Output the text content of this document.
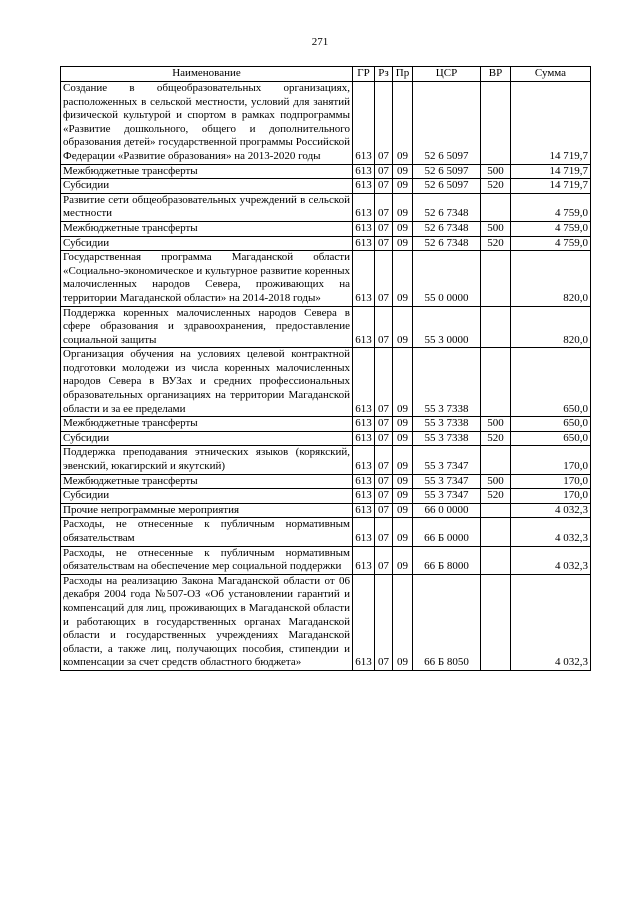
271
Наименование	ГР	Рз	Пр	ЦСР	ВР	Сумма
Создание в общеобразовательных организациях, расположенных в сельской местности, условий для занятий физической культурой и спортом в рамках подпрограммы «Развитие дошкольного, общего и дополнительного образования детей» государственной программы Российской Федерации «Развитие образования» на 2013-2020 годы	613	07	09	52 6 5097		14 719,7
Межбюджетные трансферты	613	07	09	52 6 5097	500	14 719,7
Субсидии	613	07	09	52 6 5097	520	14 719,7
Развитие сети общеобразовательных учреждений в сельской местности	613	07	09	52 6 7348		4 759,0
Межбюджетные трансферты	613	07	09	52 6 7348	500	4 759,0
Субсидии	613	07	09	52 6 7348	520	4 759,0
Государственная программа Магаданской области «Социально-экономическое и культурное развитие коренных малочисленных народов Севера, проживающих на территории Магаданской области» на 2014-2018 годы»	613	07	09	55 0 0000		820,0
Поддержка коренных малочисленных народов Севера в сфере образования и здравоохранения, предоставление социальной защиты	613	07	09	55 3 0000		820,0
Организация обучения на условиях целевой контрактной подготовки молодежи из числа коренных малочисленных народов Севера в ВУЗах и средних профессиональных образовательных организациях на территории Магаданской области и за ее пределами	613	07	09	55 3 7338		650,0
Межбюджетные трансферты	613	07	09	55 3 7338	500	650,0
Субсидии	613	07	09	55 3 7338	520	650,0
Поддержка преподавания этнических языков (корякский, эвенский, юкагирский и якутский)	613	07	09	55 3 7347		170,0
Межбюджетные трансферты	613	07	09	55 3 7347	500	170,0
Субсидии	613	07	09	55 3 7347	520	170,0
Прочие непрограммные мероприятия	613	07	09	66 0 0000		4 032,3
Расходы, не отнесенные к публичным нормативным обязательствам	613	07	09	66 Б 0000		4 032,3
Расходы, не отнесенные к публичным нормативным обязательствам на обеспечение мер социальной поддержки	613	07	09	66 Б 8000		4 032,3
Расходы на реализацию Закона Магаданской области от 06 декабря 2004 года №507-ОЗ «Об установлении гарантий и компенсаций для лиц, проживающих в Магаданской области и работающих в государственных органах Магаданской области и государственных учреждениях Магаданской области, а также лиц, получающих пособия, стипендии и компенсации за счет средств областного бюджета»	613	07	09	66 Б 8050		4 032,3
